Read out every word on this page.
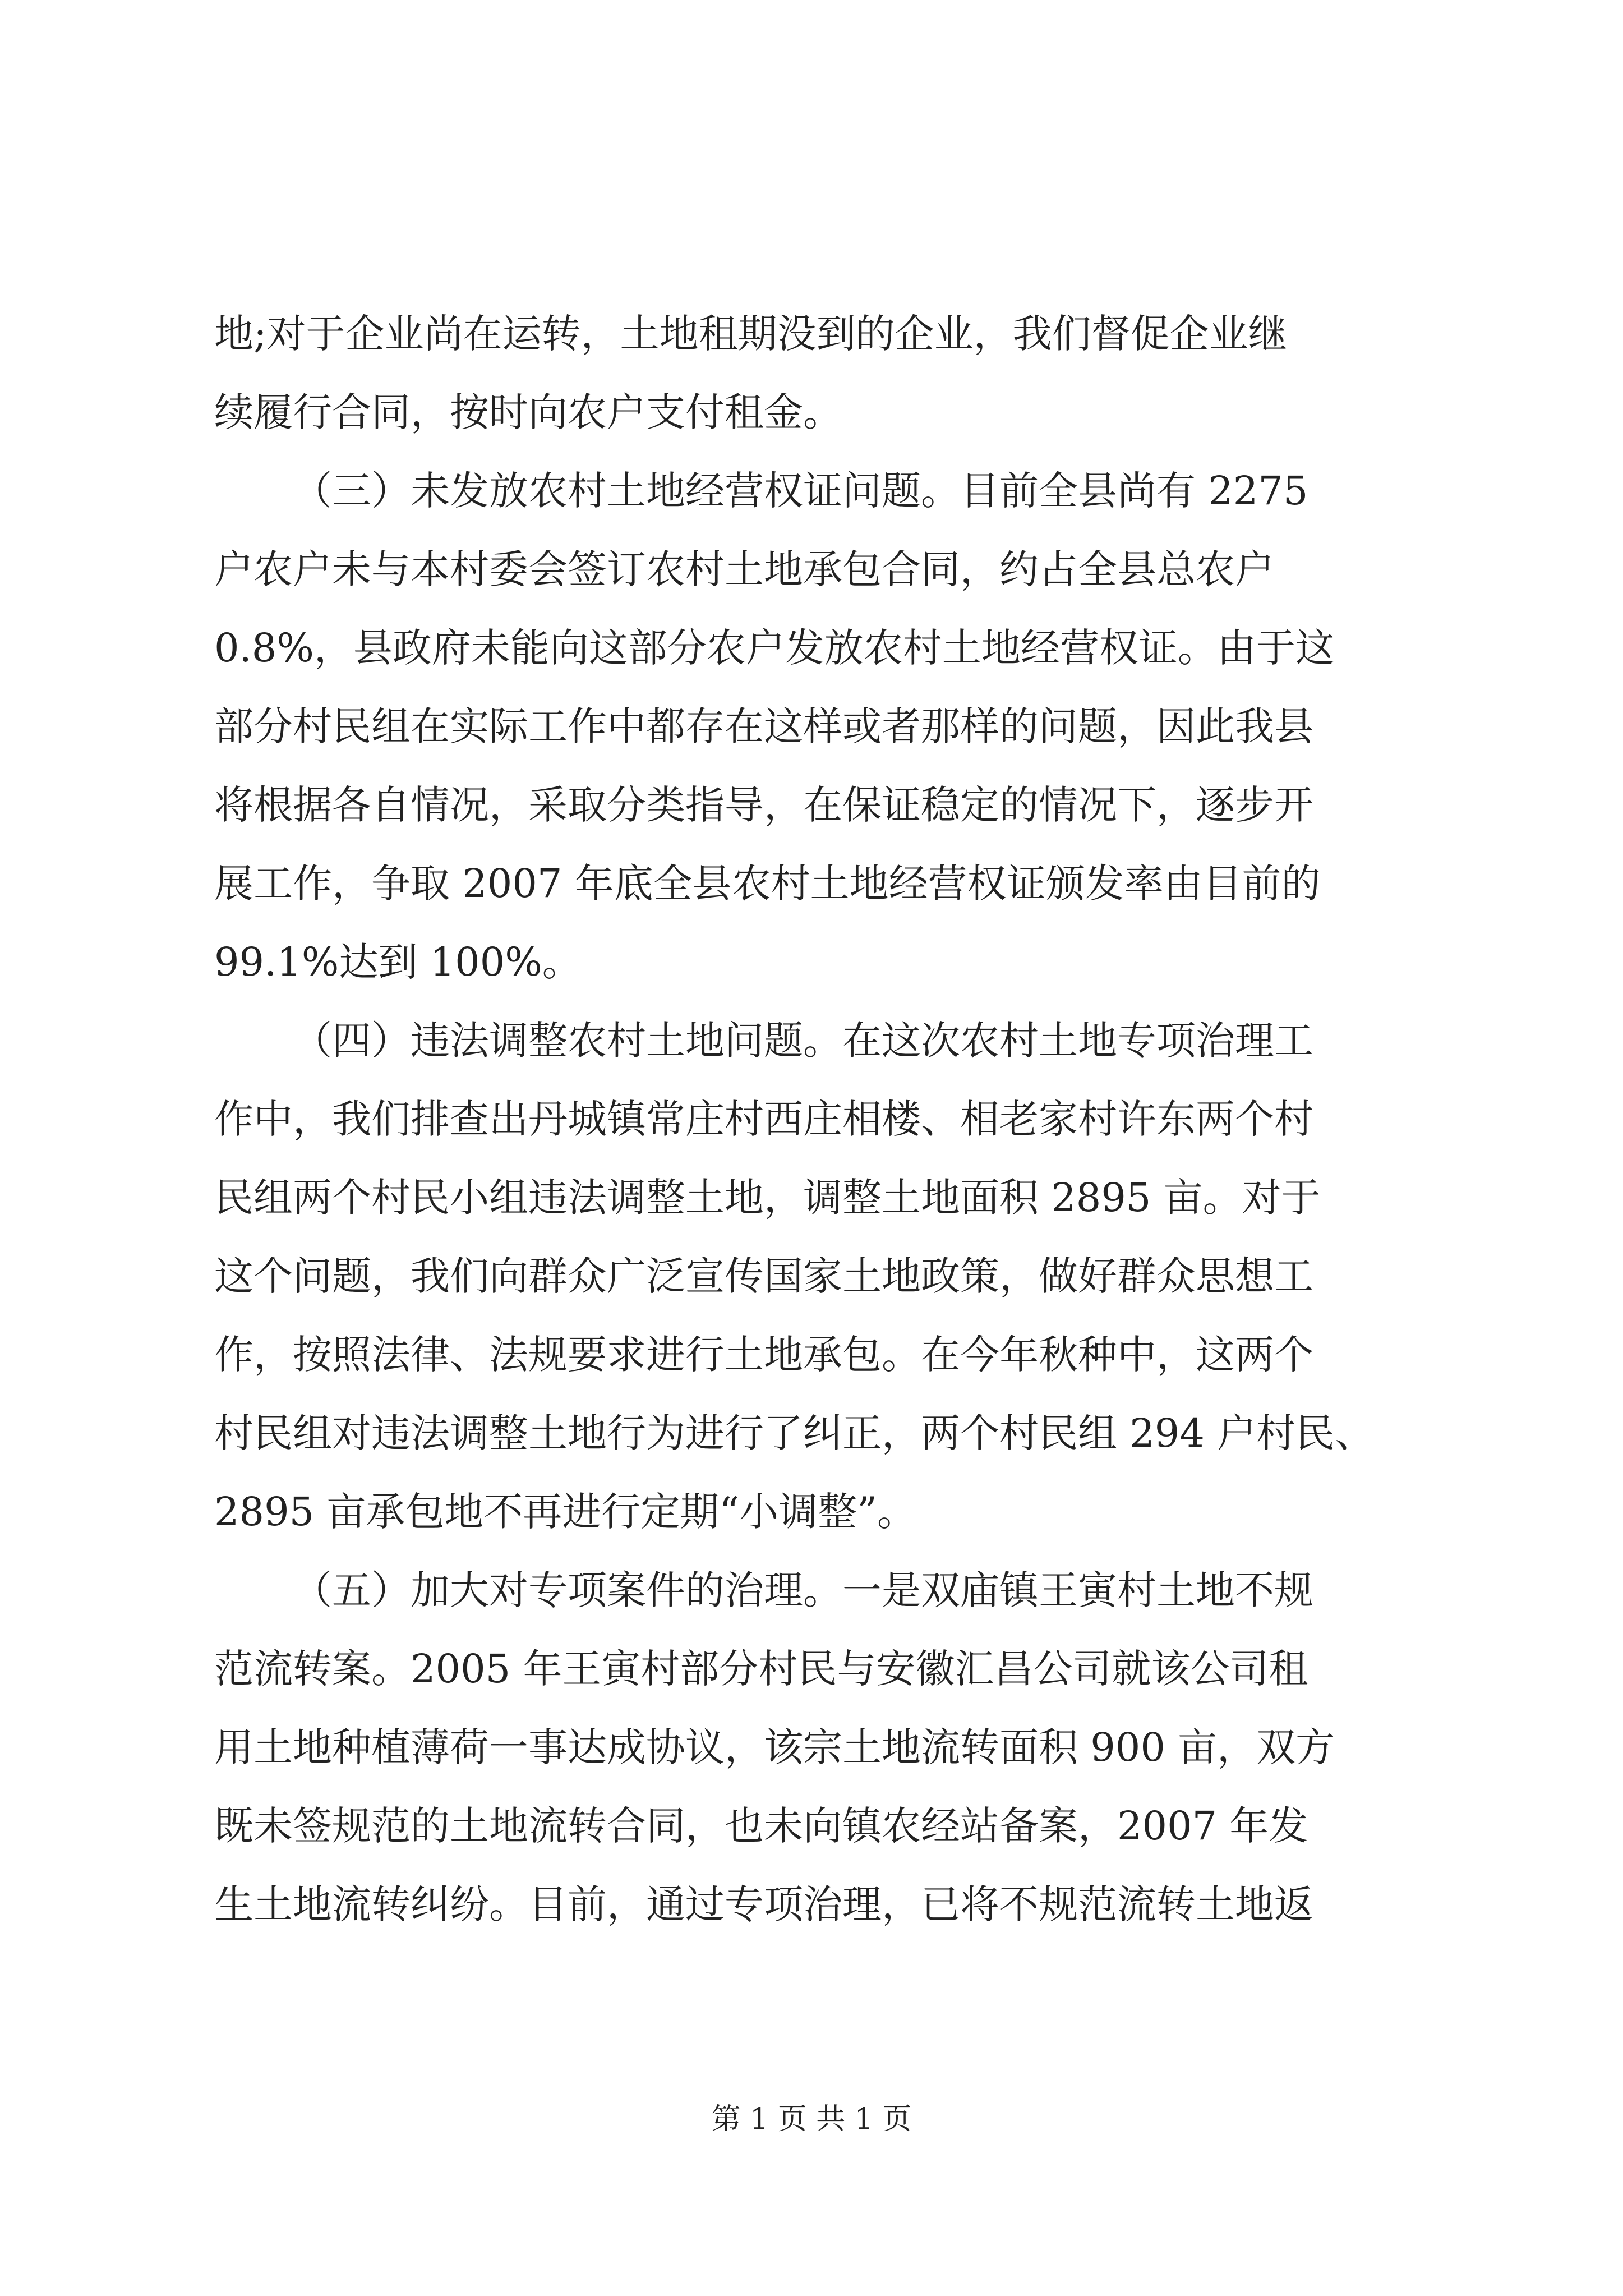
地;对于企业尚在运转，土地租期没到的企业，我们督促企业继
续履行合同，按时向农户支付租金。
（三）未发放农村土地经营权证问题。目前全县尚有 2275
户农户未与本村委会签订农村土地承包合同，约占全县总农户
0.8%，县政府未能向这部分农户发放农村土地经营权证。由于这
部分村民组在实际工作中都存在这样或者那样的问题，因此我县
将根据各自情况，采取分类指导，在保证稳定的情况下，逐步开
展工作，争取 2007 年底全县农村土地经营权证颁发率由目前的
99.1%达到 100%。
（四）违法调整农村土地问题。在这次农村土地专项治理工
作中，我们排查出丹城镇常庄村西庄相楼、相老家村许东两个村
民组两个村民小组违法调整土地，调整土地面积 2895 亩。对于
这个问题，我们向群众广泛宣传国家土地政策，做好群众思想工
作，按照法律、法规要求进行土地承包。在今年秋种中，这两个
村民组对违法调整土地行为进行了纠正，两个村民组 294 户村民、
2895 亩承包地不再进行定期“小调整”。
（五）加大对专项案件的治理。一是双庙镇王寅村土地不规
范流转案。2005 年王寅村部分村民与安徽汇昌公司就该公司租
用土地种植薄荷一事达成协议，该宗土地流转面积 900 亩，双方
既未签规范的土地流转合同，也未向镇农经站备案，2007 年发
生土地流转纠纷。目前，通过专项治理，已将不规范流转土地返
第 1 页 共 1 页
